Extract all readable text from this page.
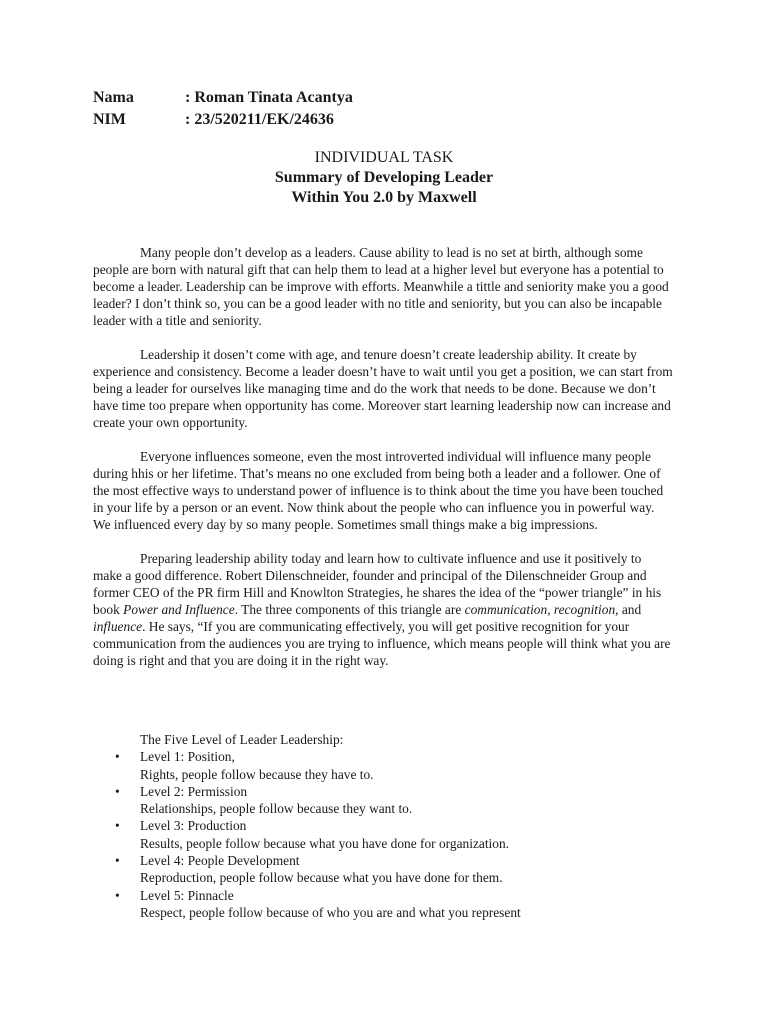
Nama	: Roman Tinata Acantya
NIM	: 23/520211/EK/24636
INDIVIDUAL TASK
Summary of Developing Leader
Within You 2.0 by Maxwell

Many people don’t develop as a leaders. Cause ability to lead is no set at birth, although some people are born with natural gift that can help them to lead at a higher level but everyone has a potential to become a leader. Leadership can be improve with efforts. Meanwhile a tittle and seniority make you a good leader? I don’t think so, you can be a good leader with no title and seniority, but you can also be incapable leader with a title and seniority.

Leadership it dosen’t come with age, and tenure doesn’t create leadership ability. It create by experience and consistency. Become a leader doesn’t have to wait until you get a position, we can start from being a leader for ourselves like managing time and do the work that needs to be done. Because we don’t have time too prepare when opportunity has come. Moreover start learning leadership now can increase and create your own opportunity.

Everyone influences someone, even the most introverted individual will influence many people during hhis or her lifetime. That’s means no one excluded from being both a leader and a follower. One of the most effective ways to understand power of influence is to think about the time you have been touched in your life by a person or an event. Now think about the people who can influence you in powerful way. We influenced every day by so many people. Sometimes small things make a big impressions.

Preparing leadership ability today and learn how to cultivate influence and use it positively to make a good difference. Robert Dilenschneider, founder and principal of the Dilenschneider Group and former CEO of the PR firm Hill and Knowlton Strategies, he shares the idea of the “power triangle” in his book Power and Influence. The three components of this triangle are communication, recognition, and influence. He says, “If you are communicating effectively, you will get positive recognition for your communication from the audiences you are trying to influence, which means people will think what you are doing is right and that you are doing it in the right way.

The Five Level of Leader Leadership:
• Level 1: Position,
Rights, people follow because they have to.
• Level 2: Permission
Relationships, people follow because they want to.
• Level 3: Production
Results, people follow because what you have done for organization.
• Level 4: People Development
Reproduction, people follow because what you have done for them.
• Level 5: Pinnacle
Respect, people follow because of who you are and what you represent
